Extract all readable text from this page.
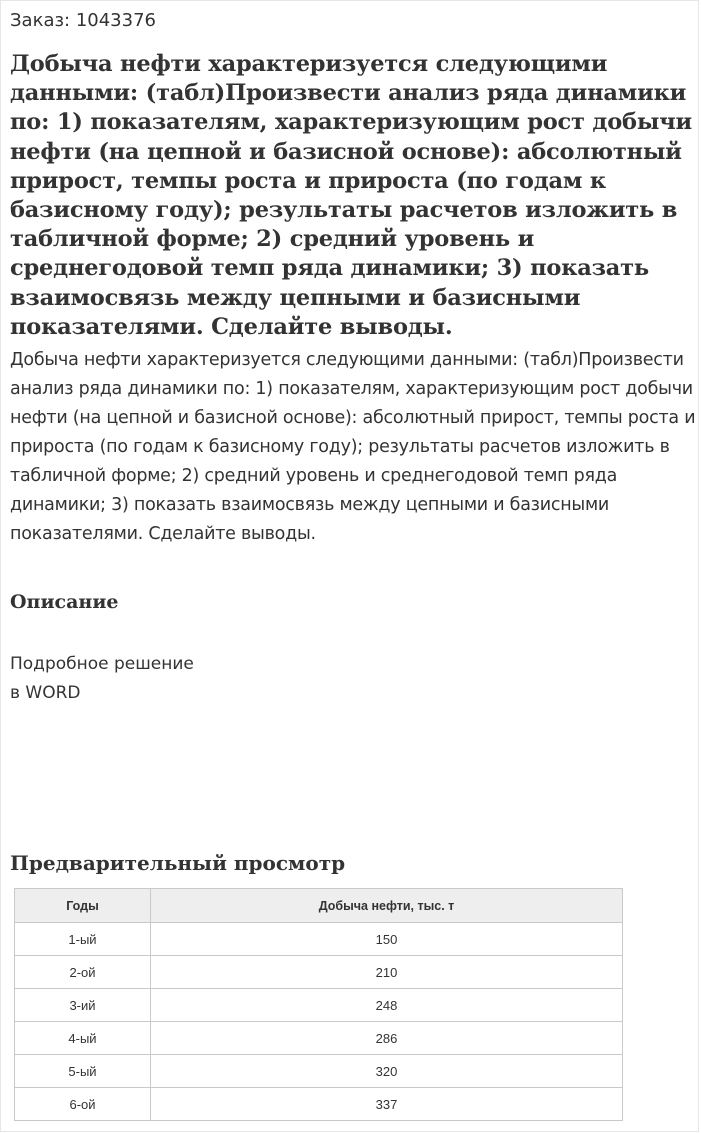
Заказ: 1043376
Добыча нефти характеризуется следующими данными: (табл)Произвести анализ ряда динамики по: 1) показателям, характеризующим рост добычи нефти (на цепной и базисной основе): абсолютный прирост, темпы роста и прироста (по годам к базисному году); результаты расчетов изложить в табличной форме; 2) средний уровень и среднегодовой темп ряда динамики; 3) показать взаимосвязь между цепными и базисными показателями. Сделайте выводы.

Добыча нефти характеризуется следующими данными: (табл)Произвести анализ ряда динамики по: 1) показателям, характеризующим рост добычи нефти (на цепной и базисной основе): абсолютный прирост, темпы роста и прироста (по годам к базисному году); результаты расчетов изложить в табличной форме; 2) средний уровень и среднегодовой темп ряда динамики; 3) показать взаимосвязь между цепными и базисными показателями. Сделайте выводы.

Описание
Подробное решение
в WORD
Предварительный просмотр
Годы	Добыча нефти, тыс. т
1-ый	150
2-ой	210
3-ий	248
4-ый	286
5-ый	320
6-ой	337
